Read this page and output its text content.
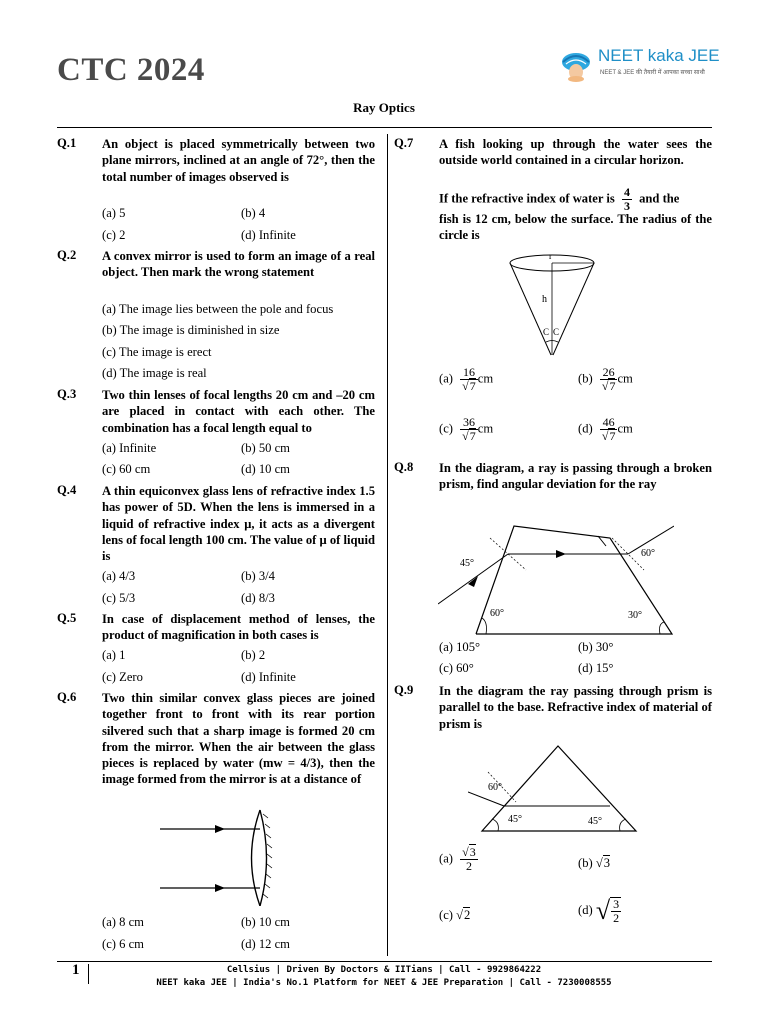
CTC 2024	NEET kaka JEE
NEET & JEE की तैयारी में आपका सच्चा साथी
Ray Optics
Q.1 An object is placed symmetrically between two plane mirrors, inclined at an angle of 72°, then the total number of images observed is
(a) 5	(b) 4
(c) 2	(d) Infinite
Q.2 A convex mirror is used to form an image of a real object. Then mark the wrong statement
(a) The image lies between the pole and focus
(b) The image is diminished in size
(c) The image is erect
(d) The image is real
Q.3 Two thin lenses of focal lengths 20 cm and –20 cm are placed in contact with each other. The combination has a focal length equal to
(a) Infinite	(b) 50 cm
(c) 60 cm	(d) 10 cm
Q.4 A thin equiconvex glass lens of refractive index 1.5 has power of 5D. When the lens is immersed in a liquid of refractive index μ, it acts as a divergent lens of focal length 100 cm. The value of μ of liquid is
(a) 4/3	(b) 3/4
(c) 5/3	(d) 8/3
Q.5 In case of displacement method of lenses, the product of magnification in both cases is
(a) 1	(b) 2
(c) Zero	(d) Infinite
Q.6 Two thin similar convex glass pieces are joined together front to front with its rear portion silvered such that a sharp image is formed 20 cm from the mirror. When the air between the glass pieces is replaced by water (mw = 4/3), then the image formed from the mirror is at a distance of
(a) 8 cm	(b) 10 cm
(c) 6 cm	(d) 12 cm
Q.7 A fish looking up through the water sees the outside world contained in a circular horizon.
If the refractive index of water is $\frac{4}{3}$ and the
fish is 12 cm, below the surface. The radius of the circle is
r
h
C C
$(a) \frac{16}{√7}$ cm	$(b) \frac{26}{√7}$ cm
$(c) \frac{36}{√7}$ cm	$(d) \frac{46}{√7}$ cm
Q.8 In the diagram, a ray is passing through a broken prism, find angular deviation for the ray
45°
60°
60°	30°
(a) 105°	(b) 30°
(c) 60°	(d) 15°
Q.9 In the diagram the ray passing through prism is parallel to the base. Refractive index of material of prism is
60°
45°	45°
$(a) \frac{√3}{2}$	(b) √3
(c) √2	(d) √ $\frac{3}{2}$
1	Cellsius | Driven By Doctors & IITians | Call - 9929864222
NEET kaka JEE | India's No.1 Platform for NEET & JEE Preparation | Call - 7230008555
